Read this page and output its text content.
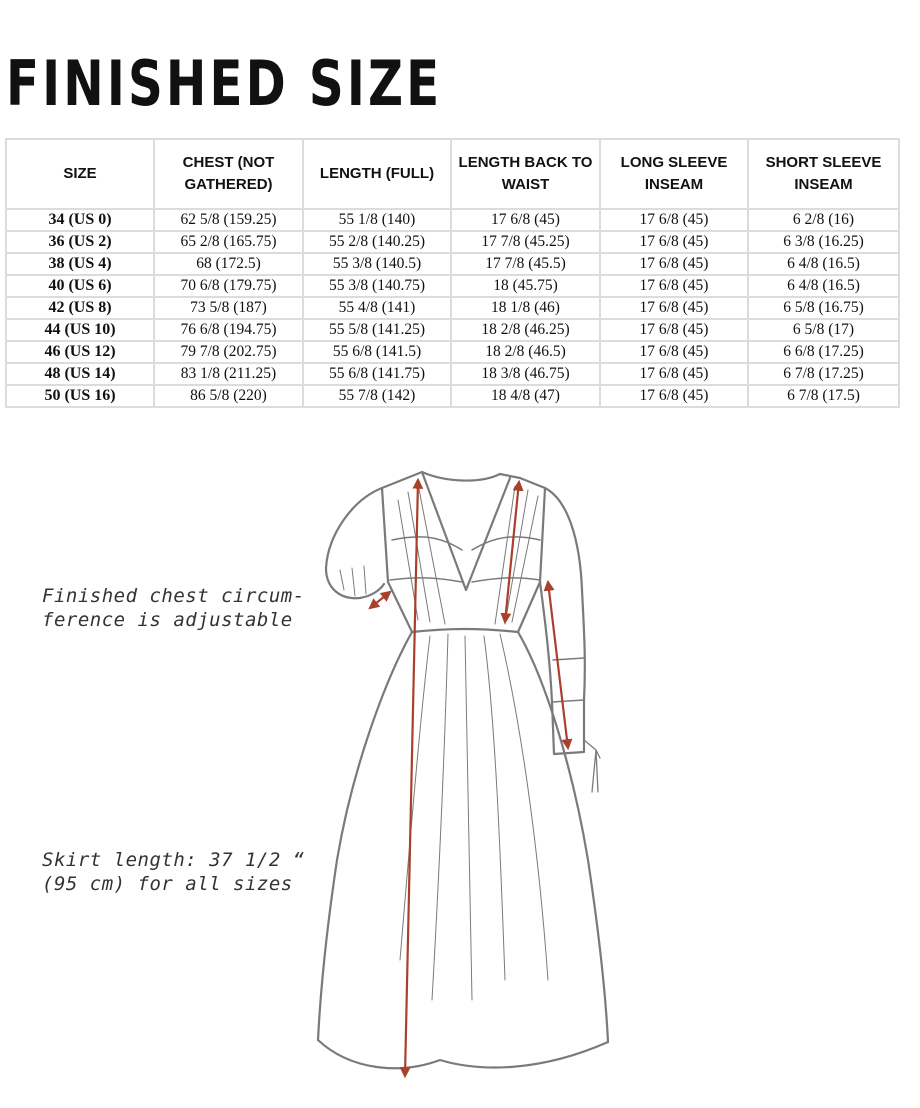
FINISHED SIZE
SIZE	CHEST (NOT GATHERED)	LENGTH (FULL)	LENGTH BACK TO WAIST	LONG SLEEVE INSEAM	SHORT SLEEVE INSEAM
34 (US 0)	62 5/8 (159.25)	55 1/8 (140)	17 6/8 (45)	17 6/8 (45)	6 2/8 (16)
36 (US 2)	65 2/8 (165.75)	55 2/8 (140.25)	17 7/8 (45.25)	17 6/8 (45)	6 3/8 (16.25)
38 (US 4)	68 (172.5)	55 3/8 (140.5)	17 7/8 (45.5)	17 6/8 (45)	6 4/8 (16.5)
40 (US 6)	70 6/8 (179.75)	55 3/8 (140.75)	18 (45.75)	17 6/8 (45)	6 4/8 (16.5)
42 (US 8)	73 5/8 (187)	55 4/8 (141)	18 1/8 (46)	17 6/8 (45)	6 5/8 (16.75)
44 (US 10)	76 6/8 (194.75)	55 5/8 (141.25)	18 2/8 (46.25)	17 6/8 (45)	6 5/8 (17)
46 (US 12)	79 7/8 (202.75)	55 6/8 (141.5)	18 2/8 (46.5)	17 6/8 (45)	6 6/8 (17.25)
48 (US 14)	83 1/8 (211.25)	55 6/8 (141.75)	18 3/8 (46.75)	17 6/8 (45)	6 7/8 (17.25)
50 (US 16)	86 5/8 (220)	55 7/8 (142)	18 4/8 (47)	17 6/8 (45)	6 7/8 (17.5)
Finished chest circum-
ference is adjustable
Skirt length: 37 1/2 “
(95 cm) for all sizes
